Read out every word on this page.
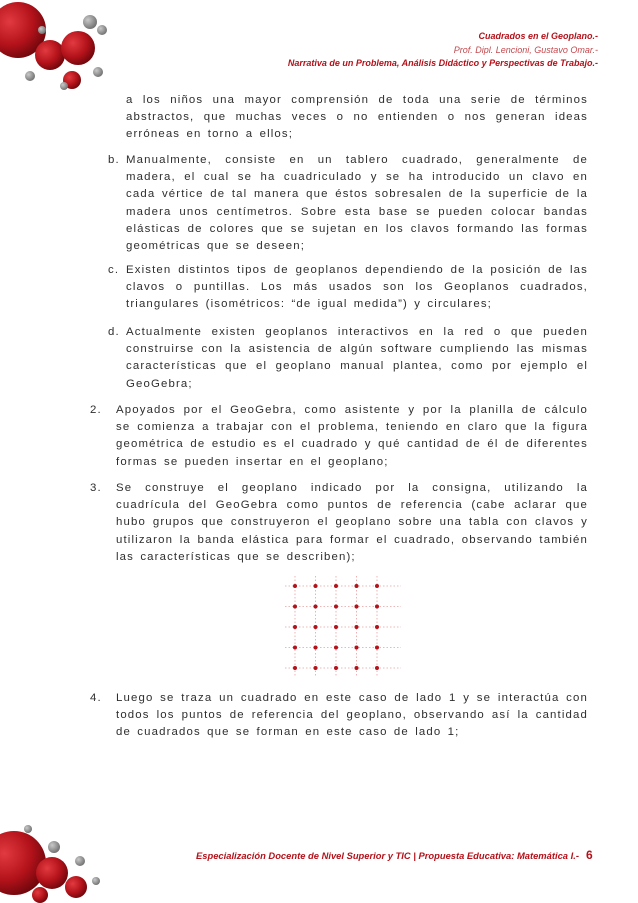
Cuadrados en el Geoplano.-
Prof. Dipl. Lencioni, Gustavo Omar.-
Narrativa de un Problema, Análisis Didáctico y Perspectivas de Trabajo.-
a los niños una mayor comprensión de toda una serie de términos abstractos, que muchas veces o no entienden o nos generan ideas erróneas en torno a ellos;
b. Manualmente, consiste en un tablero cuadrado, generalmente de madera, el cual se ha cuadriculado y se ha introducido un clavo en cada vértice de tal manera que éstos sobresalen de la superficie de la madera unos centímetros. Sobre esta base se pueden colocar bandas elásticas de colores que se sujetan en los clavos formando las formas geométricas que se deseen;
c. Existen distintos tipos de geoplanos dependiendo de la posición de las clavos o puntillas. Los más usados son los Geoplanos cuadrados, triangulares (isométricos: “de igual medida”) y circulares;
d. Actualmente existen geoplanos interactivos en la red o que pueden construirse con la asistencia de algún software cumpliendo las mismas características que el geoplano manual plantea, como por ejemplo el GeoGebra;
2. Apoyados por el GeoGebra, como asistente y por la planilla de cálculo se comienza a trabajar con el problema, teniendo en claro que la figura geométrica de estudio es el cuadrado y qué cantidad de él de diferentes formas se pueden insertar en el geoplano;
3. Se construye el geoplano indicado por la consigna, utilizando la cuadrícula del GeoGebra como puntos de referencia (cabe aclarar que hubo grupos que construyeron el geoplano sobre una tabla con clavos y utilizaron la banda elástica para formar el cuadrado, observando también las características que se describen);
4. Luego se traza un cuadrado en este caso de lado 1 y se interactúa con todos los puntos de referencia del geoplano, observando así la cantidad de cuadrados que se forman en este caso de lado 1;
Especialización Docente de Nivel Superior y TIC | Propuesta Educativa: Matemática I.- 6
